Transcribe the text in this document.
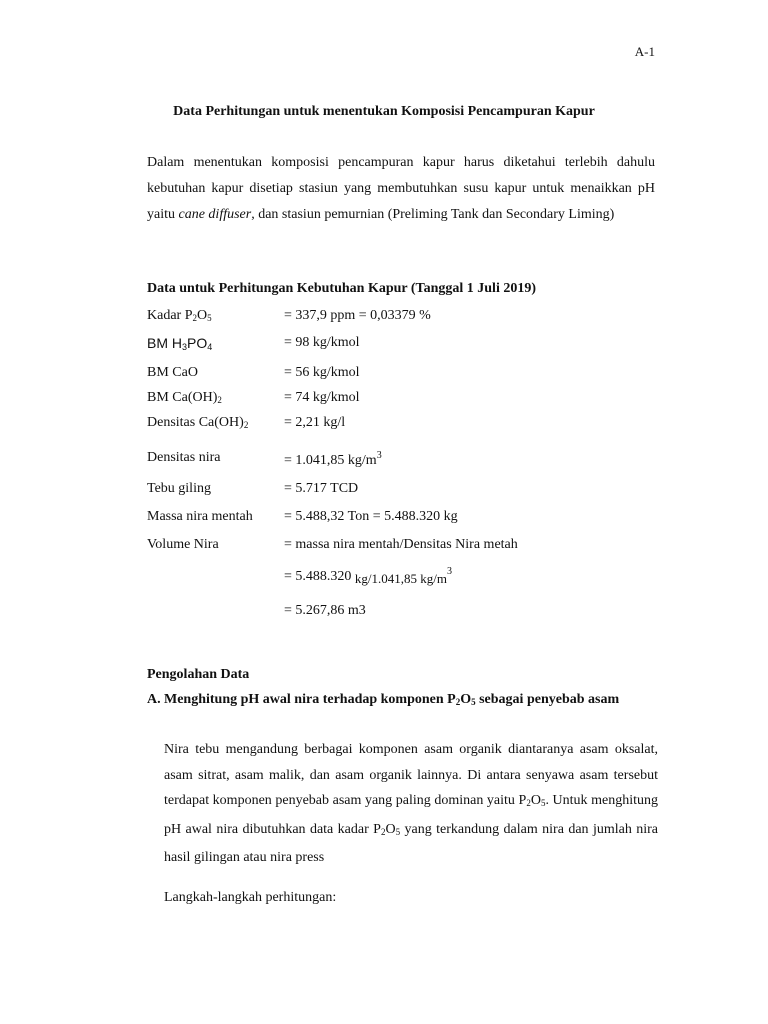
A-1
Data Perhitungan untuk menentukan Komposisi Pencampuran Kapur

Dalam menentukan komposisi pencampuran kapur harus diketahui terlebih dahulu kebutuhan kapur disetiap stasiun yang membutuhkan susu kapur untuk menaikkan pH yaitu cane diffuser, dan stasiun pemurnian (Preliming Tank dan Secondary Liming)

Data untuk Perhitungan Kebutuhan Kapur (Tanggal 1 Juli 2019)
Kadar $P_2O_5$	= 337,9 ppm = 0,03379 %
BM $H_3PO_4$	= 98 kg/kmol
BM CaO	= 56 kg/kmol
BM $Ca(OH)_2$	= 74 kg/kmol
Densitas $Ca(OH)_2$	= 2,21 kg/l
Densitas nira	= 1.041,85 $kg/m^3$
Tebu giling	= 5.717 TCD
Massa nira mentah = 5.488,32 Ton = 5.488.320 kg
Volume Nira	= massa nira mentah/Densitas Nira metah
= 5.488.320 kg/1.041,85 $kg/m^3$
= 5.267,86 m3
Pengolahan Data
A. Menghitung pH awal nira terhadap komponen $P_2O_5$ sebagai penyebab asam

Nira tebu mengandung berbagai komponen asam organik diantaranya asam oksalat, asam sitrat, asam malik, dan asam organik lainnya. Di antara senyawa asam tersebut terdapat komponen penyebab asam yang paling dominan yaitu $P_2O_5$. Untuk menghitung pH awal nira dibutuhkan data kadar $P_2O_5$ yang terkandung dalam nira dan jumlah nira hasil gilingan atau nira press

Langkah-langkah perhitungan:
